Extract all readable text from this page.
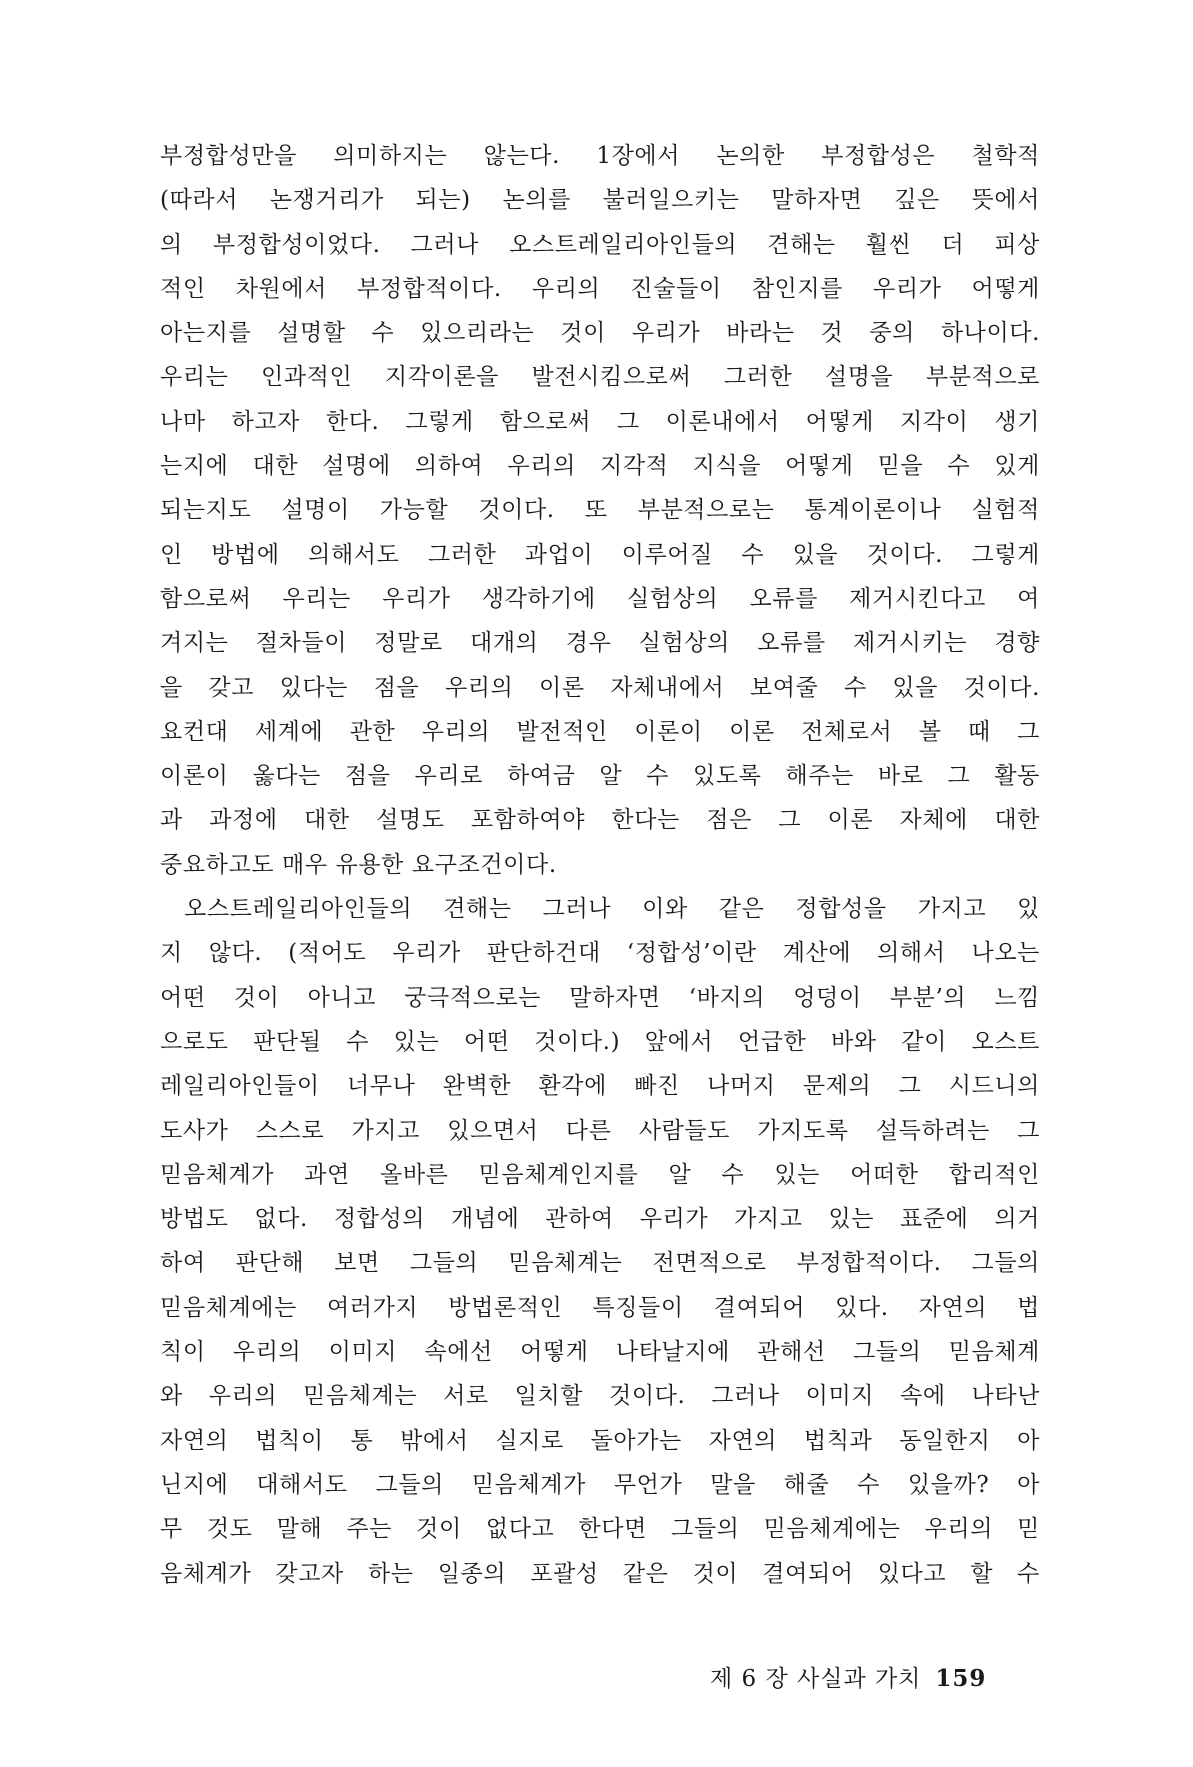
부정합성만을 의미하지는 않는다. 1장에서 논의한 부정합성은 철학적
(따라서 논쟁거리가 되는) 논의를 불러일으키는 말하자면 깊은 뜻에서
의 부정합성이었다. 그러나 오스트레일리아인들의 견해는 훨씬 더 피상
적인 차원에서 부정합적이다. 우리의 진술들이 참인지를 우리가 어떻게
아는지를 설명할 수 있으리라는 것이 우리가 바라는 것 중의 하나이다.
우리는 인과적인 지각이론을 발전시킴으로써 그러한 설명을 부분적으로
나마 하고자 한다. 그렇게 함으로써 그 이론내에서 어떻게 지각이 생기
는지에 대한 설명에 의하여 우리의 지각적 지식을 어떻게 믿을 수 있게
되는지도 설명이 가능할 것이다. 또 부분적으로는 통계이론이나 실험적
인 방법에 의해서도 그러한 과업이 이루어질 수 있을 것이다. 그렇게
함으로써 우리는 우리가 생각하기에 실험상의 오류를 제거시킨다고 여
겨지는 절차들이 정말로 대개의 경우 실험상의 오류를 제거시키는 경향
을 갖고 있다는 점을 우리의 이론 자체내에서 보여줄 수 있을 것이다.
요컨대 세계에 관한 우리의 발전적인 이론이 이론 전체로서 볼 때 그
이론이 옳다는 점을 우리로 하여금 알 수 있도록 해주는 바로 그 활동
과 과정에 대한 설명도 포함하여야 한다는 점은 그 이론 자체에 대한
중요하고도 매우 유용한 요구조건이다.
오스트레일리아인들의 견해는 그러나 이와 같은 정합성을 가지고 있
지 않다. (적어도 우리가 판단하건대 ‘정합성’이란 계산에 의해서 나오는
어떤 것이 아니고 궁극적으로는 말하자면 ‘바지의 엉덩이 부분’의 느낌
으로도 판단될 수 있는 어떤 것이다.) 앞에서 언급한 바와 같이 오스트
레일리아인들이 너무나 완벽한 환각에 빠진 나머지 문제의 그 시드니의
도사가 스스로 가지고 있으면서 다른 사람들도 가지도록 설득하려는 그
믿음체계가 과연 올바른 믿음체계인지를 알 수 있는 어떠한 합리적인
방법도 없다. 정합성의 개념에 관하여 우리가 가지고 있는 표준에 의거
하여 판단해 보면 그들의 믿음체계는 전면적으로 부정합적이다. 그들의
믿음체계에는 여러가지 방법론적인 특징들이 결여되어 있다. 자연의 법
칙이 우리의 이미지 속에선 어떻게 나타날지에 관해선 그들의 믿음체계
와 우리의 믿음체계는 서로 일치할 것이다. 그러나 이미지 속에 나타난
자연의 법칙이 통 밖에서 실지로 돌아가는 자연의 법칙과 동일한지 아
닌지에 대해서도 그들의 믿음체계가 무언가 말을 해줄 수 있을까? 아
무 것도 말해 주는 것이 없다고 한다면 그들의 믿음체계에는 우리의 믿
음체계가 갖고자 하는 일종의 포괄성 같은 것이 결여되어 있다고 할 수
제 6 장 사실과 가치 159
